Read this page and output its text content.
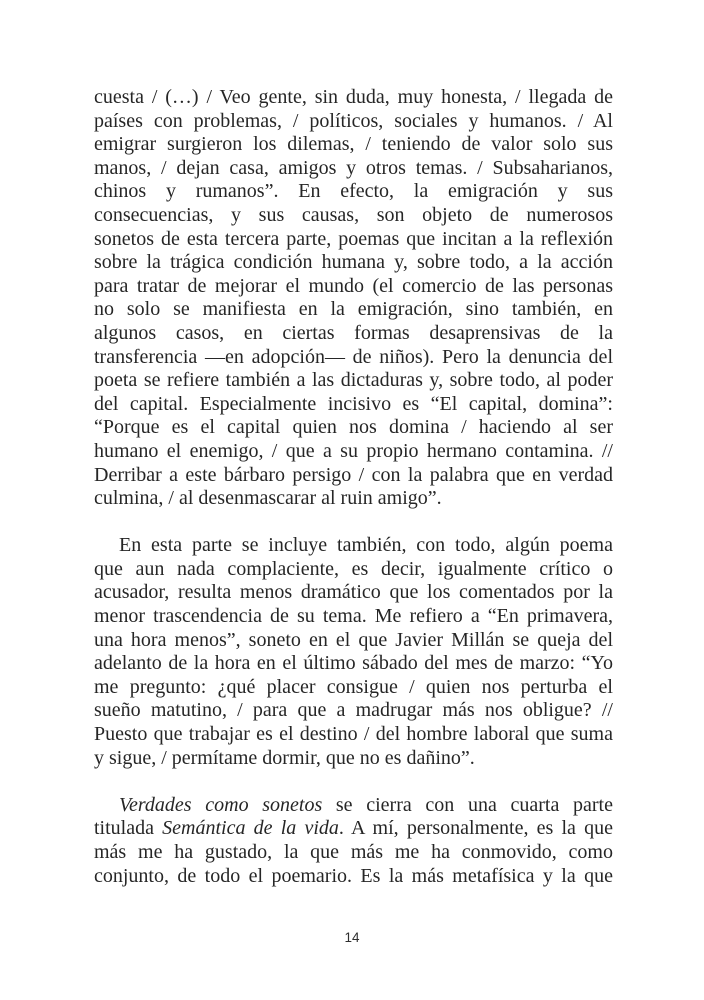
cuesta / (…) / Veo gente, sin duda, muy honesta, / llegada de
países con problemas, / políticos, sociales y humanos. / Al
emigrar surgieron los dilemas, / teniendo de valor solo sus
manos, / dejan casa, amigos y otros temas. / Subsaharianos,
chinos y rumanos”. En efecto, la emigración y sus
consecuencias, y sus causas, son objeto de numerosos
sonetos de esta tercera parte, poemas que incitan a la reflexión
sobre la trágica condición humana y, sobre todo, a la acción
para tratar de mejorar el mundo (el comercio de las personas
no solo se manifiesta en la emigración, sino también, en
algunos casos, en ciertas formas desaprensivas de la
transferencia —en adopción— de niños). Pero la denuncia del
poeta se refiere también a las dictaduras y, sobre todo, al poder
del capital. Especialmente incisivo es “El capital, domina”:
“Porque es el capital quien nos domina / haciendo al ser
humano el enemigo, / que a su propio hermano contamina. //
Derribar a este bárbaro persigo / con la palabra que en verdad
culmina, / al desenmascarar al ruin amigo”.
En esta parte se incluye también, con todo, algún poema
que aun nada complaciente, es decir, igualmente crítico o
acusador, resulta menos dramático que los comentados por la
menor trascendencia de su tema. Me refiero a “En primavera,
una hora menos”, soneto en el que Javier Millán se queja del
adelanto de la hora en el último sábado del mes de marzo: “Yo
me pregunto: ¿qué placer consigue / quien nos perturba el
sueño matutino, / para que a madrugar más nos obligue? //
Puesto que trabajar es el destino / del hombre laboral que suma
y sigue, / permítame dormir, que no es dañino”.
Verdades como sonetos se cierra con una cuarta parte
titulada Semántica de la vida. A mí, personalmente, es la que
más me ha gustado, la que más me ha conmovido, como
conjunto, de todo el poemario. Es la más metafísica y la que
14
